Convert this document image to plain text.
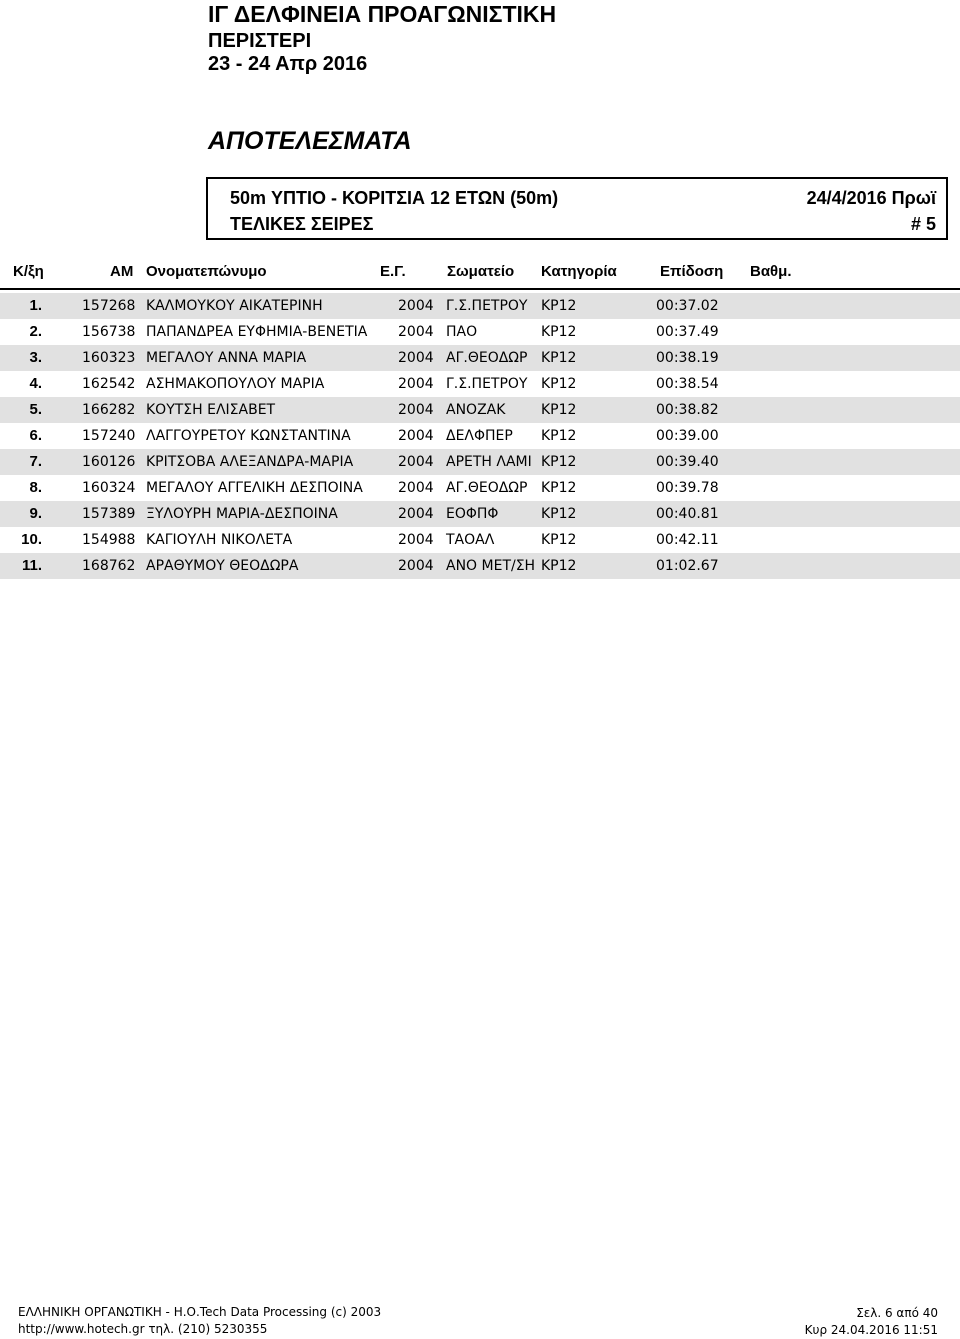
ΙΓ ΔΕΛΦΙΝΕΙΑ ΠΡΟΑΓΩΝΙΣΤΙΚΗ
ΠΕΡΙΣΤΕΡΙ
23 - 24 Απρ 2016
ΑΠΟΤΕΛΕΣΜΑΤΑ
50m ΥΠΤΙΟ - ΚΟΡΙΤΣΙΑ 12 ΕΤΩΝ (50m)	24/4/2016 Πρωϊ
ΤΕΛΙΚΕΣ ΣΕΙΡΕΣ	# 5
Κ/ξη	ΑΜ Ονοματεπώνυμο	Ε.Γ.	Σωματείο Κατηγορία	Επίδοση Βαθμ.
1.	157268 ΚΑΛΜΟΥΚΟΥ ΑΙΚΑΤΕΡΙΝΗ	2004 Γ.Σ.ΠΕΤΡΟΥ ΚΡ12	00:37.02
2.	156738 ΠΑΠΑΝΔΡΕΑ ΕΥΦΗΜΙΑ-ΒΕΝΕΤΙΑ 2004 ΠΑΟ	ΚΡ12	00:37.49
3.	160323 ΜΕΓΑΛΟΥ ΑΝΝΑ ΜΑΡΙΑ	2004 ΑΓ.ΘΕΟΔΩΡ ΚΡ12	00:38.19
4.	162542 ΑΣΗΜΑΚΟΠΟΥΛΟΥ ΜΑΡΙΑ	2004 Γ.Σ.ΠΕΤΡΟΥ ΚΡ12	00:38.54
5.	166282 ΚΟΥΤΣΗ ΕΛΙΣΑΒΕΤ	2004 ΑΝΟΖΑΚ	ΚΡ12	00:38.82
6.	157240 ΛΑΓΓΟΥΡΕΤΟΥ ΚΩΝΣΤΑΝΤΙΝΑ	2004 ΔΕΛΦΠΕΡ ΚΡ12	00:39.00
7.	160126 ΚΡΙΤΣΟΒΑ ΑΛΕΞΑΝΔΡΑ-ΜΑΡΙΑ	2004 ΑΡΕΤΗ ΛΑΜΙ ΚΡ12	00:39.40
8.	160324 ΜΕΓΑΛΟΥ ΑΓΓΕΛΙΚΗ ΔΕΣΠΟΙΝΑ	2004 ΑΓ.ΘΕΟΔΩΡ ΚΡ12	00:39.78
9.	157389 ΞΥΛΟΥΡΗ ΜΑΡΙΑ-ΔΕΣΠΟΙΝΑ	2004 ΕΟΦΠΦ	ΚΡ12	00:40.81
10.	154988 ΚΑΓΙΟΥΛΗ ΝΙΚΟΛΕΤΑ	2004 ΤΑΟΑΛ	ΚΡ12	00:42.11
11.	168762 ΑΡΑΘΥΜΟΥ ΘΕΟΔΩΡΑ	2004 ΑΝΟ ΜΕΤ/ΣΗ ΚΡ12	01:02.67
ΕΛΛΗΝΙΚΗ ΟΡΓΑΝΩΤΙΚΗ - Η.Ο.Tech Data Processing (c) 2003
http://www.hotech.gr τηλ. (210) 5230355
Σελ. 6 από 40
Κυρ 24.04.2016 11:51
